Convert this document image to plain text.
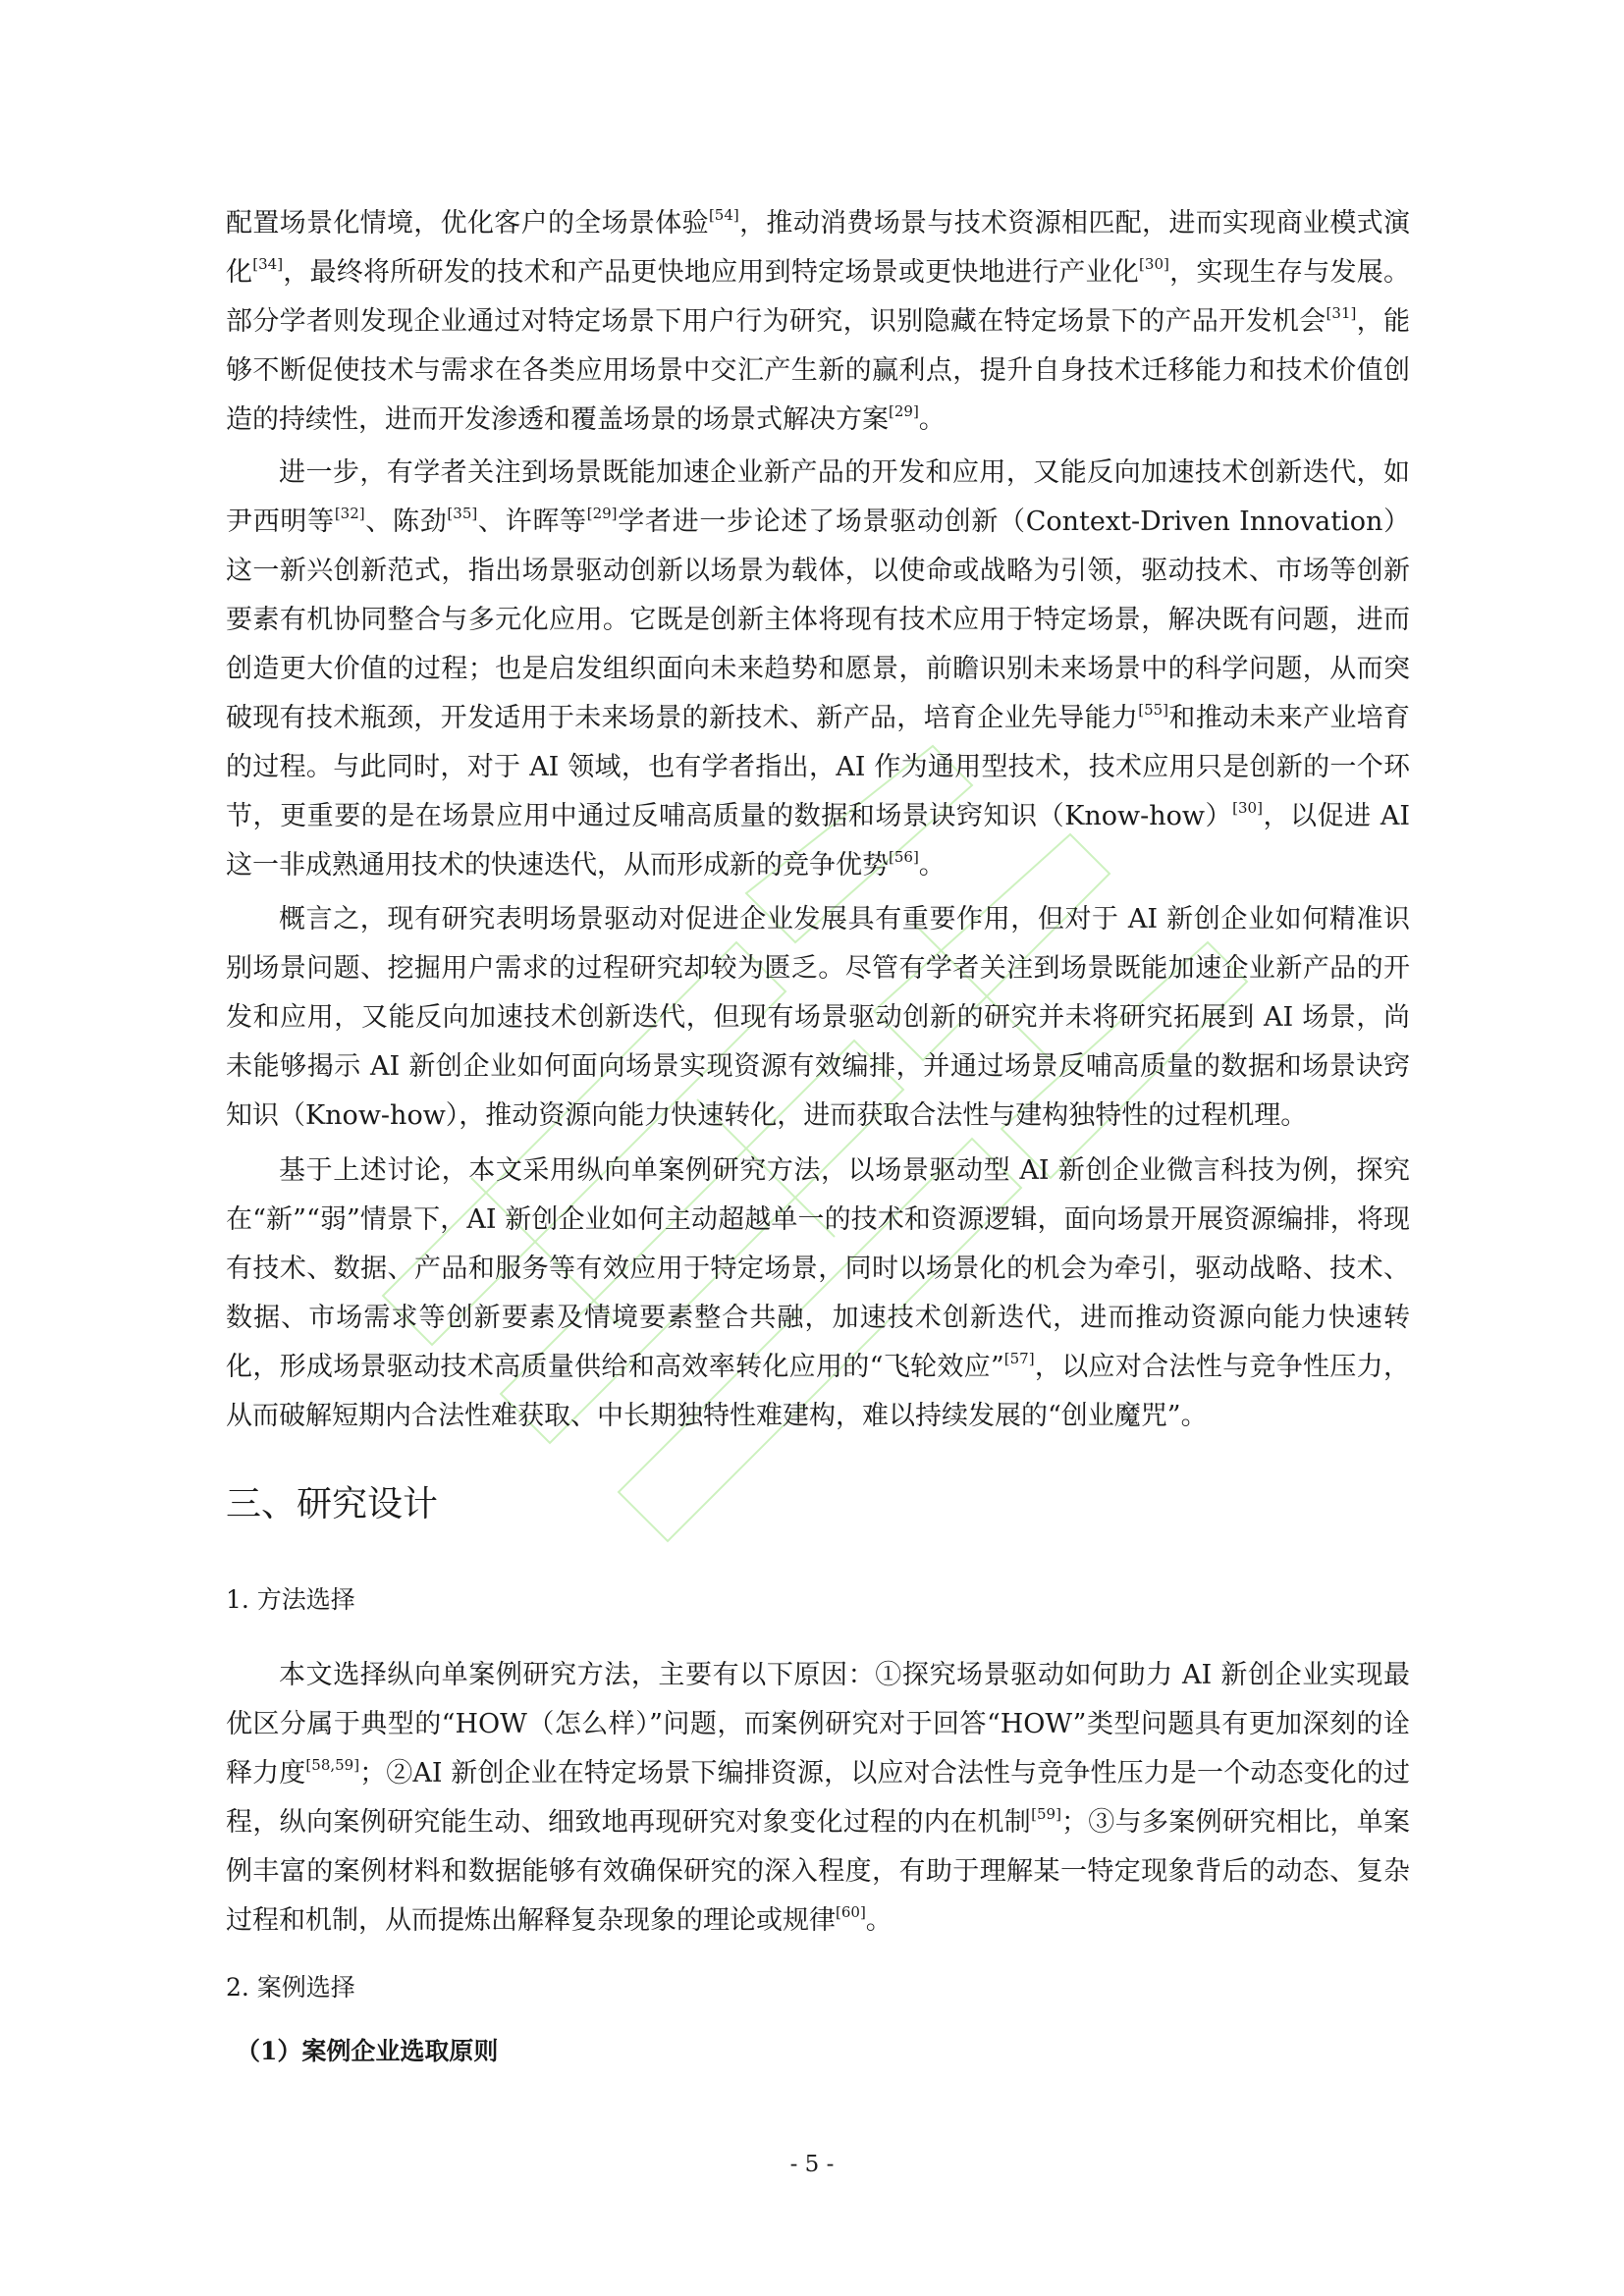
配置场景化情境，优化客户的全场景体验[54]，推动消费场景与技术资源相匹配，进而实现商业模式演化[34]，最终将所研发的技术和产品更快地应用到特定场景或更快地进行产业化[30]，实现生存与发展。部分学者则发现企业通过对特定场景下用户行为研究，识别隐藏在特定场景下的产品开发机会[31]，能够不断促使技术与需求在各类应用场景中交汇产生新的赢利点，提升自身技术迁移能力和技术价值创造的持续性，进而开发渗透和覆盖场景的场景式解决方案[29]。

进一步，有学者关注到场景既能加速企业新产品的开发和应用，又能反向加速技术创新迭代，如尹西明等[32]、陈劲[35]、许晖等[29]学者进一步论述了场景驱动创新（Context-Driven Innovation）这一新兴创新范式，指出场景驱动创新以场景为载体，以使命或战略为引领，驱动技术、市场等创新要素有机协同整合与多元化应用。它既是创新主体将现有技术应用于特定场景，解决既有问题，进而创造更大价值的过程；也是启发组织面向未来趋势和愿景，前瞻识别未来场景中的科学问题，从而突破现有技术瓶颈，开发适用于未来场景的新技术、新产品，培育企业先导能力[55]和推动未来产业培育的过程。与此同时，对于 AI 领域，也有学者指出，AI 作为通用型技术，技术应用只是创新的一个环节，更重要的是在场景应用中通过反哺高质量的数据和场景诀窍知识（Know-how）[30]，以促进 AI 这一非成熟通用技术的快速迭代，从而形成新的竞争优势[56]。

概言之，现有研究表明场景驱动对促进企业发展具有重要作用，但对于 AI 新创企业如何精准识别场景问题、挖掘用户需求的过程研究却较为匮乏。尽管有学者关注到场景既能加速企业新产品的开发和应用，又能反向加速技术创新迭代，但现有场景驱动创新的研究并未将研究拓展到 AI 场景，尚未能够揭示 AI 新创企业如何面向场景实现资源有效编排，并通过场景反哺高质量的数据和场景诀窍知识（Know-how），推动资源向能力快速转化，进而获取合法性与建构独特性的过程机理。

基于上述讨论，本文采用纵向单案例研究方法，以场景驱动型 AI 新创企业微言科技为例，探究在“新”“弱”情景下，AI 新创企业如何主动超越单一的技术和资源逻辑，面向场景开展资源编排，将现有技术、数据、产品和服务等有效应用于特定场景，同时以场景化的机会为牵引，驱动战略、技术、数据、市场需求等创新要素及情境要素整合共融，加速技术创新迭代，进而推动资源向能力快速转化，形成场景驱动技术高质量供给和高效率转化应用的“飞轮效应”[57]，以应对合法性与竞争性压力，从而破解短期内合法性难获取、中长期独特性难建构，难以持续发展的“创业魔咒”。

三、研究设计
1. 方法选择

本文选择纵向单案例研究方法，主要有以下原因：①探究场景驱动如何助力 AI 新创企业实现最优区分属于典型的“HOW（怎么样）”问题，而案例研究对于回答“HOW”类型问题具有更加深刻的诠释力度[58,59]；②AI 新创企业在特定场景下编排资源，以应对合法性与竞争性压力是一个动态变化的过程，纵向案例研究能生动、细致地再现研究对象变化过程的内在机制[59]；③与多案例研究相比，单案例丰富的案例材料和数据能够有效确保研究的深入程度，有助于理解某一特定现象背后的动态、复杂过程和机制，从而提炼出解释复杂现象的理论或规律[60]。

2. 案例选择
（1）案例企业选取原则
- 5 -
